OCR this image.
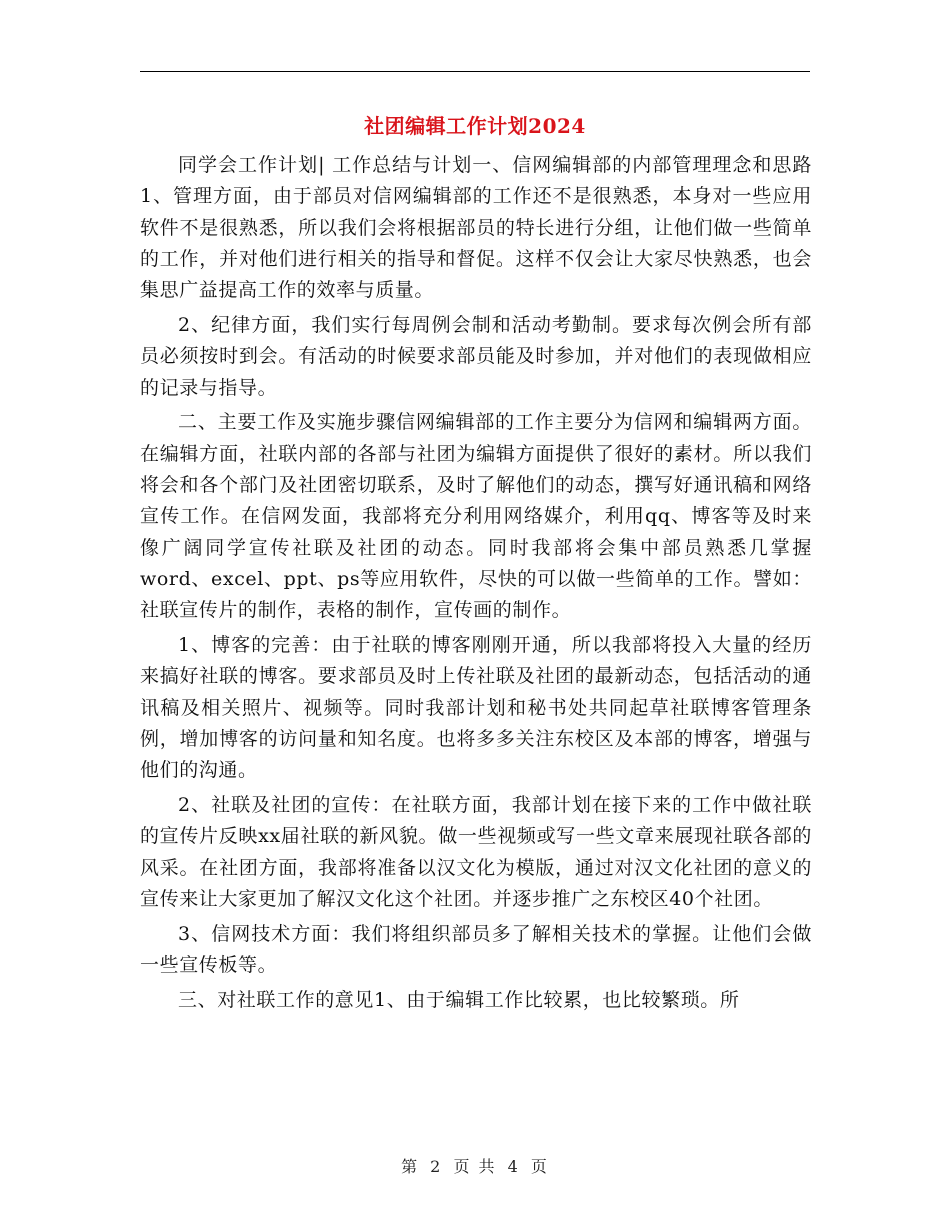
社团编辑工作计划2024

同学会工作计划| 工作总结与计划一、信网编辑部的内部管理理念和思路1、管理方面，由于部员对信网编辑部的工作还不是很熟悉，本身对一些应用软件不是很熟悉，所以我们会将根据部员的特长进行分组，让他们做一些简单的工作，并对他们进行相关的指导和督促。这样不仅会让大家尽快熟悉，也会集思广益提高工作的效率与质量。

2、纪律方面，我们实行每周例会制和活动考勤制。要求每次例会所有部员必须按时到会。有活动的时候要求部员能及时参加，并对他们的表现做相应的记录与指导。

二、主要工作及实施步骤信网编辑部的工作主要分为信网和编辑两方面。在编辑方面，社联内部的各部与社团为编辑方面提供了很好的素材。所以我们将会和各个部门及社团密切联系，及时了解他们的动态，撰写好通讯稿和网络宣传工作。在信网发面，我部将充分利用网络媒介，利用qq、博客等及时来像广阔同学宣传社联及社团的动态。同时我部将会集中部员熟悉几掌握word、excel、ppt、ps等应用软件，尽快的可以做一些简单的工作。譬如：社联宣传片的制作，表格的制作，宣传画的制作。

1、博客的完善：由于社联的博客刚刚开通，所以我部将投入大量的经历来搞好社联的博客。要求部员及时上传社联及社团的最新动态，包括活动的通讯稿及相关照片、视频等。同时我部计划和秘书处共同起草社联博客管理条例，增加博客的访问量和知名度。也将多多关注东校区及本部的博客，增强与他们的沟通。

2、社联及社团的宣传：在社联方面，我部计划在接下来的工作中做社联的宣传片反映xx届社联的新风貌。做一些视频或写一些文章来展现社联各部的风采。在社团方面，我部将准备以汉文化为模版，通过对汉文化社团的意义的宣传来让大家更加了解汉文化这个社团。并逐步推广之东校区40个社团。

3、信网技术方面：我们将组织部员多了解相关技术的掌握。让他们会做一些宣传板等。

三、对社联工作的意见1、由于编辑工作比较累，也比较繁琐。所

第 2 页 共 4 页
